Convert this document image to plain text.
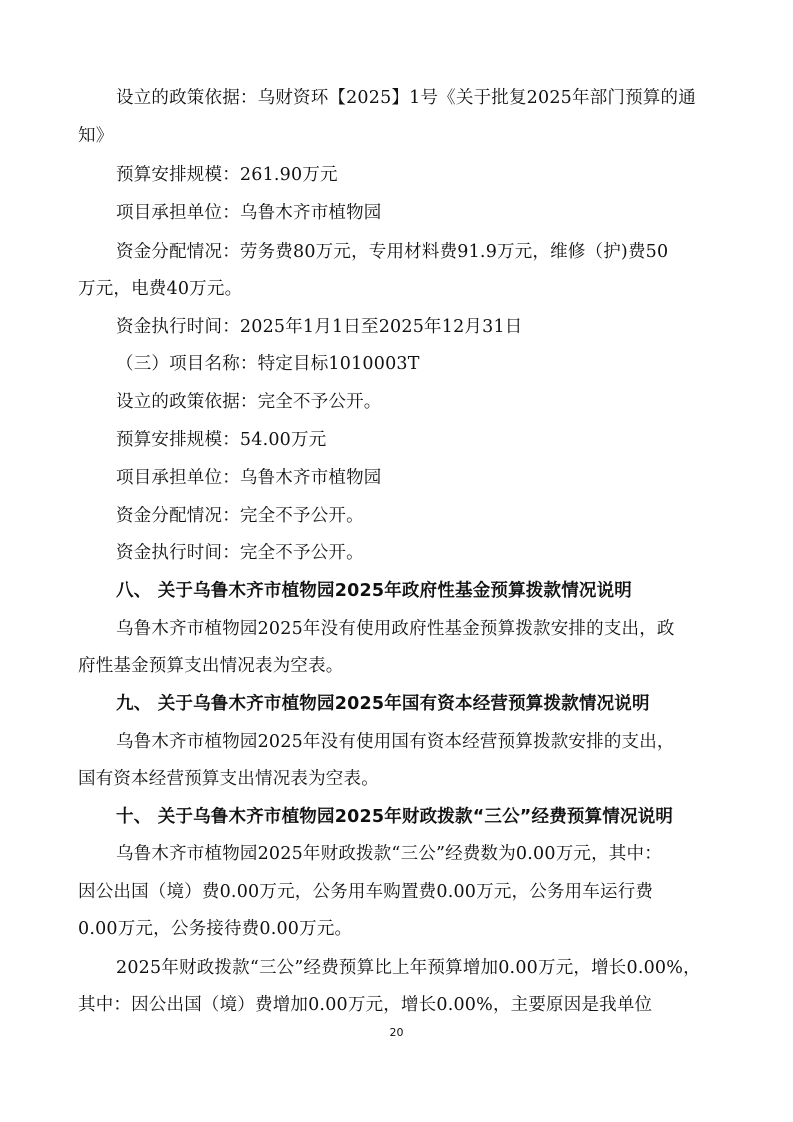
设立的政策依据：乌财资环【2025】1号《关于批复2025年部门预算的通
知》
预算安排规模：261.90万元
项目承担单位：乌鲁木齐市植物园
资金分配情况：劳务费80万元，专用材料费91.9万元，维修（护)费50
万元，电费40万元。
资金执行时间：2025年1月1日至2025年12月31日
（三）项目名称：特定目标1010003T
设立的政策依据：完全不予公开。
预算安排规模：54.00万元
项目承担单位：乌鲁木齐市植物园
资金分配情况：完全不予公开。
资金执行时间：完全不予公开。
八、 关于乌鲁木齐市植物园2025年政府性基金预算拨款情况说明
乌鲁木齐市植物园2025年没有使用政府性基金预算拨款安排的支出，政
府性基金预算支出情况表为空表。
九、 关于乌鲁木齐市植物园2025年国有资本经营预算拨款情况说明
乌鲁木齐市植物园2025年没有使用国有资本经营预算拨款安排的支出，
国有资本经营预算支出情况表为空表。
十、 关于乌鲁木齐市植物园2025年财政拨款“三公”经费预算情况说明
乌鲁木齐市植物园2025年财政拨款“三公”经费数为0.00万元，其中：
因公出国（境）费0.00万元，公务用车购置费0.00万元，公务用车运行费
0.00万元，公务接待费0.00万元。
2025年财政拨款“三公”经费预算比上年预算增加0.00万元，增长0.00%，
其中：因公出国（境）费增加0.00万元，增长0.00%，主要原因是我单位
20
